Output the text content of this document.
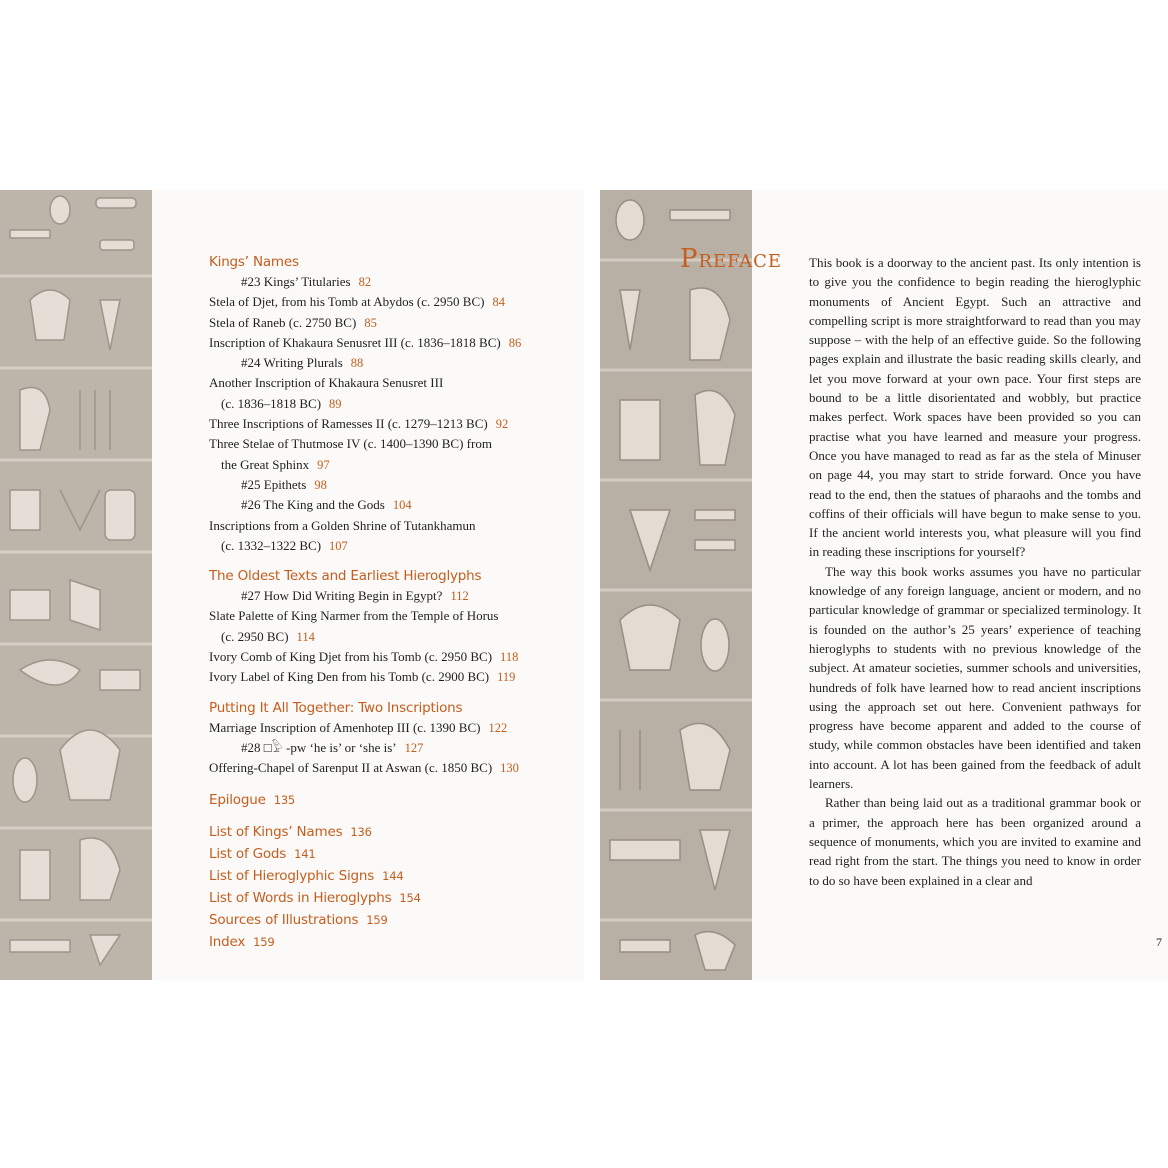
Kings’ Names
#23 Kings’ Titularies 82
Stela of Djet, from his Tomb at Abydos (c. 2950 BC) 84
Stela of Raneb (c. 2750 BC) 85
Inscription of Khakaura Senusret III (c. 1836–1818 BC) 86
#24 Writing Plurals 88
Another Inscription of Khakaura Senusret III
(c. 1836–1818 BC) 89
Three Inscriptions of Ramesses II (c. 1279–1213 BC) 92
Three Stelae of Thutmose IV (c. 1400–1390 BC) from
the Great Sphinx 97
#25 Epithets 98
#26 The King and the Gods 104
Inscriptions from a Golden Shrine of Tutankhamun
(c. 1332–1322 BC) 107
The Oldest Texts and Earliest Hieroglyphs
#27 How Did Writing Begin in Egypt? 112
Slate Palette of King Narmer from the Temple of Horus
(c. 2950 BC) 114
Ivory Comb of King Djet from his Tomb (c. 2950 BC) 118
Ivory Label of King Den from his Tomb (c. 2900 BC) 119
Putting It All Together: Two Inscriptions
Marriage Inscription of Amenhotep III (c. 1390 BC) 122
#28 □𓅱 -pw ‘he is’ or ‘she is’ 127
Offering-Chapel of Sarenput II at Aswan (c. 1850 BC) 130
Epilogue 135
List of Kings’ Names 136
List of Gods 141
List of Hieroglyphic Signs 144
List of Words in Hieroglyphs 154
Sources of Illustrations 159
Index 159
Preface This book is a doorway to the ancient past. Its only intention is to give you the confidence to begin reading the hieroglyphic monuments of Ancient Egypt. Such an attractive and compelling script is more straightforward to read than you may suppose – with the help of an effective guide. So the following pages explain and illustrate the basic reading skills clearly, and let you move forward at your own pace. Your first steps are bound to be a little disorientated and wobbly, but practice makes perfect. Work spaces have been provided so you can practise what you have learned and measure your progress. Once you have managed to read as far as the stela of Minuser on page 44, you may start to stride forward. Once you have read to the end, then the statues of pharaohs and the tombs and coffins of their officials will have begun to make sense to you. If the ancient world interests you, what pleasure will you find in reading these inscriptions for yourself?

The way this book works assumes you have no particular knowledge of any foreign language, ancient or modern, and no particular knowledge of grammar or specialized terminology. It is founded on the author’s 25 years’ experience of teaching hieroglyphs to students with no previous knowledge of the subject. At amateur societies, summer schools and universities, hundreds of folk have learned how to read ancient inscriptions using the approach set out here. Convenient pathways for progress have become apparent and added to the course of study, while common obstacles have been identified and taken into account. A lot has been gained from the feedback of adult learners.

Rather than being laid out as a traditional grammar book or a primer, the approach here has been organized around a sequence of monuments, which you are invited to examine and read right from the start. The things you need to know in order to do so have been explained in a clear and

7
